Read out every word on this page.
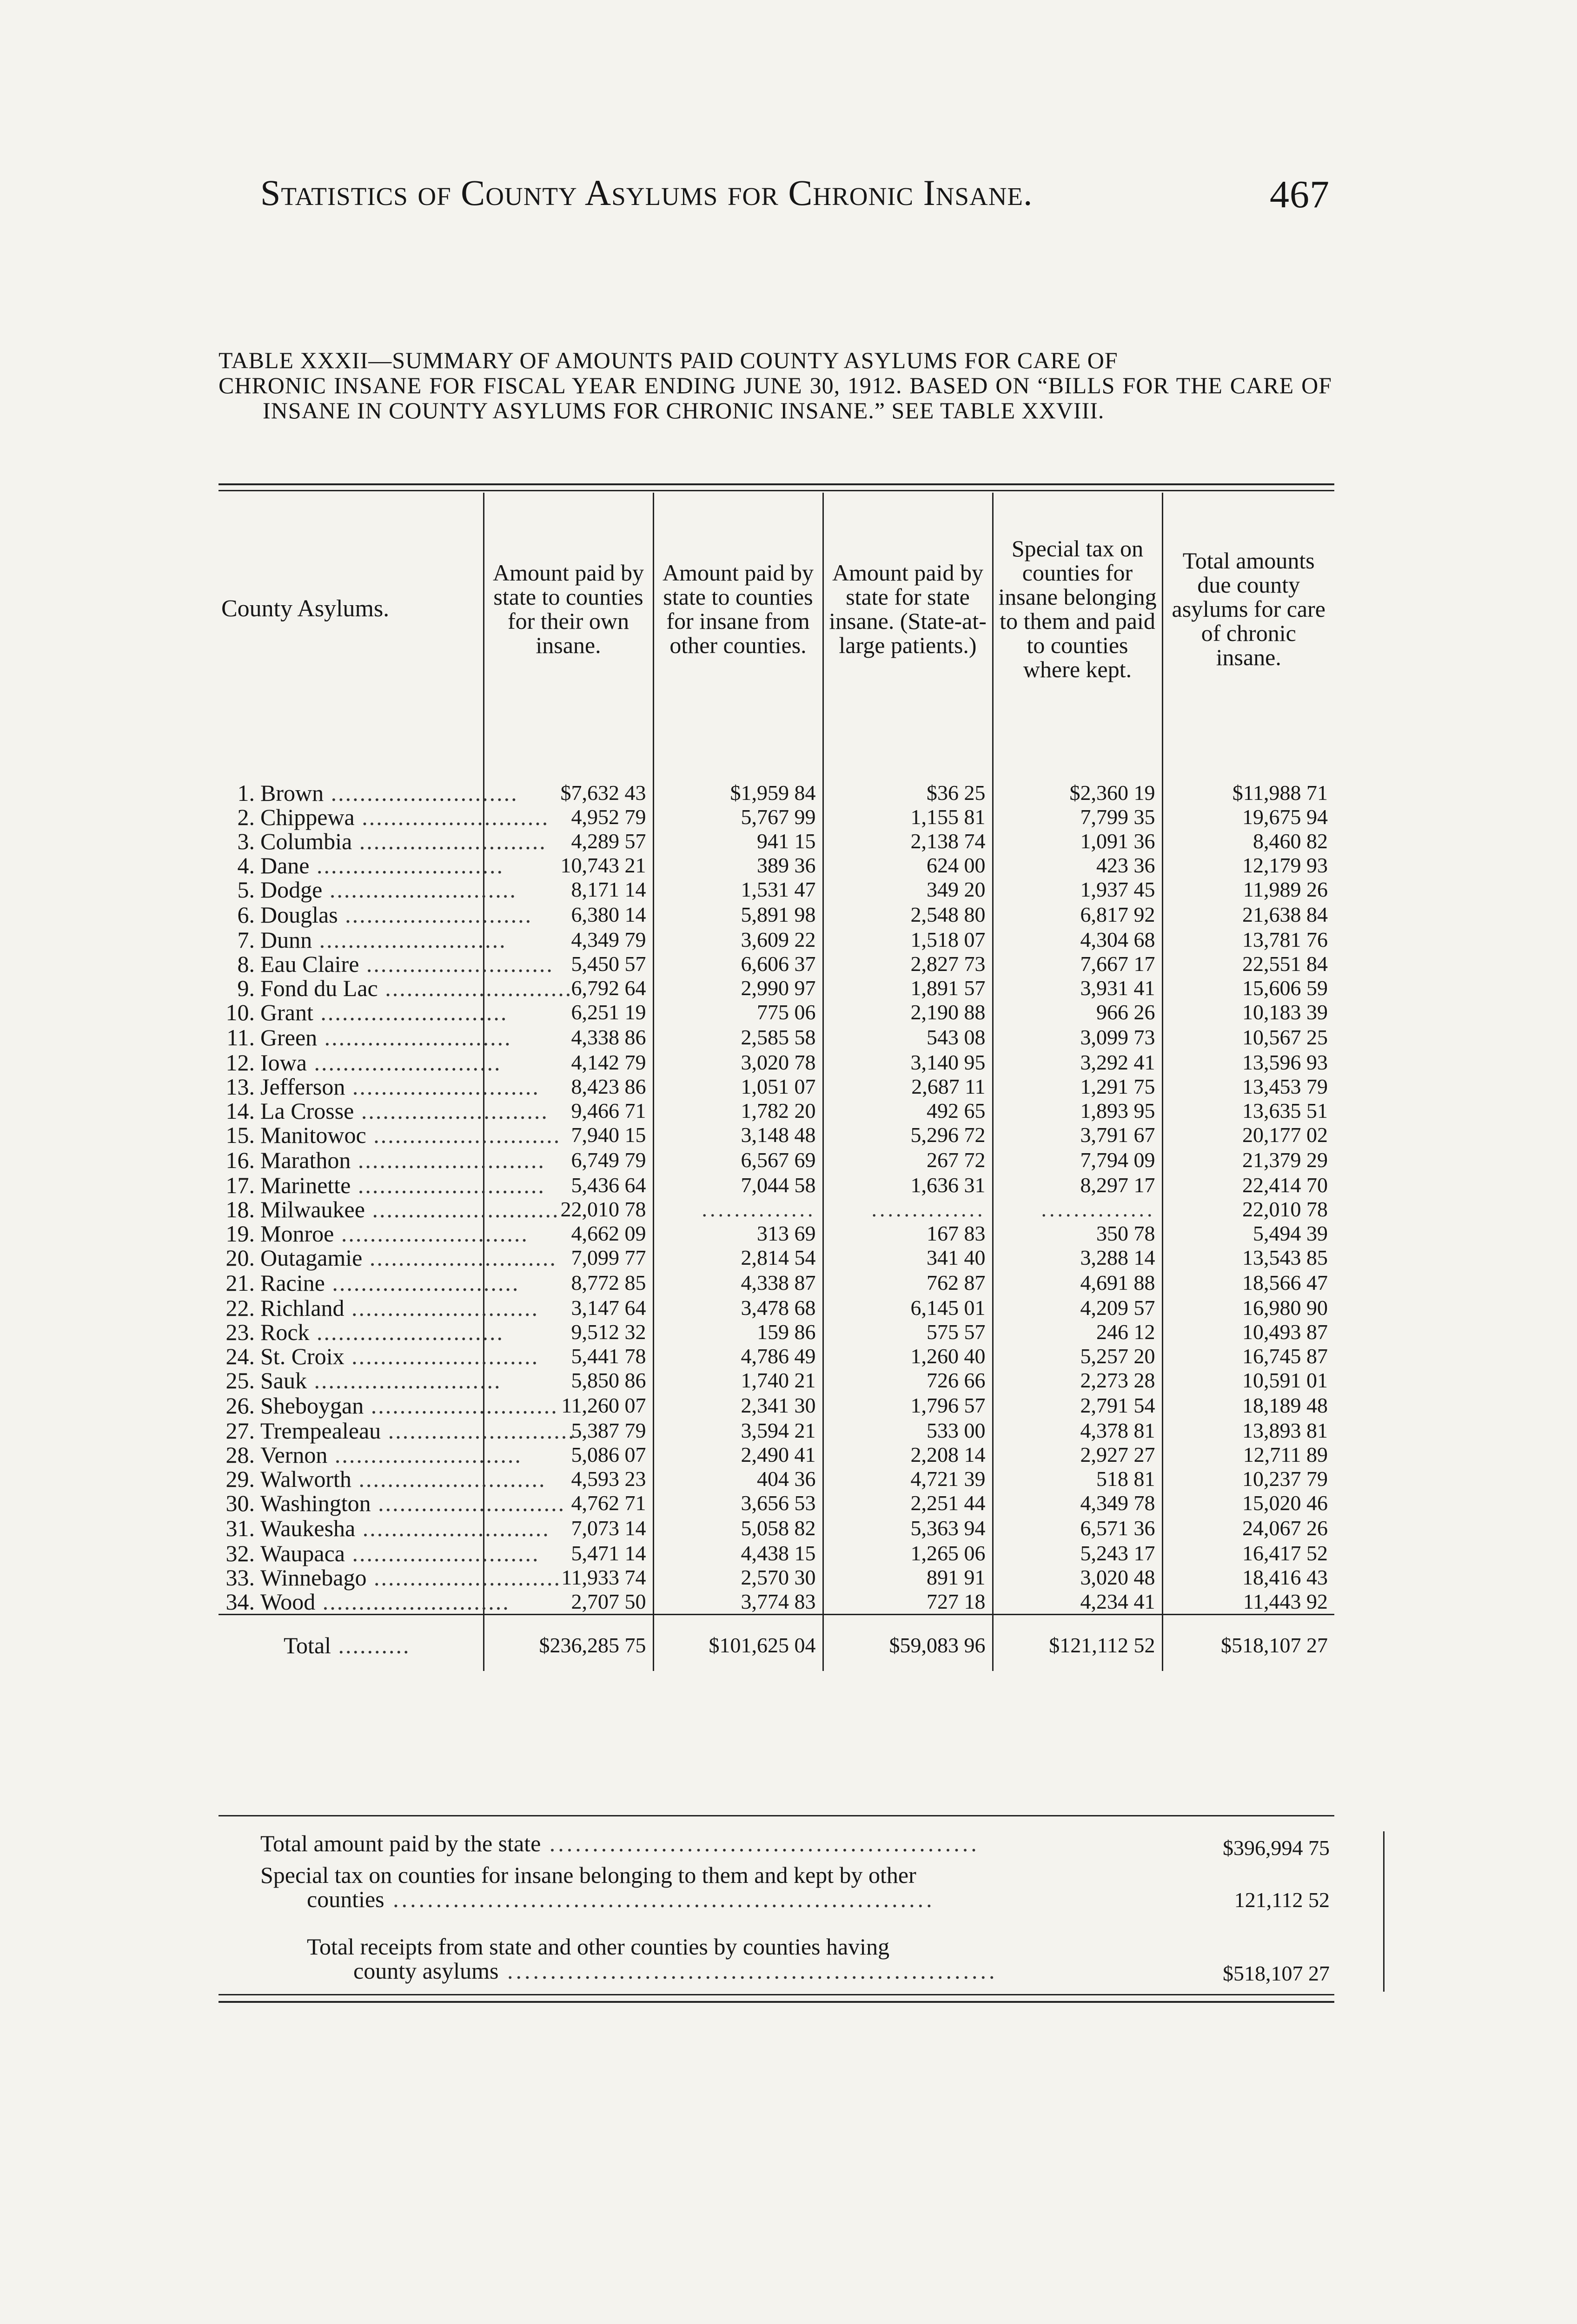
Statistics of County Asylums for Chronic Insane.	467
TABLE XXXII—SUMMARY OF AMOUNTS PAID COUNTY ASYLUMS FOR CARE OF
CHRONIC INSANE FOR FISCAL YEAR ENDING JUNE 30, 1912. BASED ON “BILLS FOR THE CARE OF INSANE IN COUNTY ASYLUMS FOR CHRONIC INSANE.” SEE TABLE XXVIII.
County Asylums.	Amount paid by state to counties for their own insane.	Amount paid by state to counties for insane from other counties.	Amount paid by state for state insane. (State-at-large patients.)	Special tax on counties for insane belonging to them and paid to counties where kept.	Total amounts due county asylums for care of chronic insane.
1. Brown ..........................	$7,632 43	$1,959 84	$36 25	$2,360 19	$11,988 71
2. Chippewa ..........................	4,952 79	5,767 99	1,155 81	7,799 35	19,675 94
3. Columbia ..........................	4,289 57	941 15	2,138 74	1,091 36	8,460 82
4. Dane ..........................	10,743 21	389 36	624 00	423 36	12,179 93
5. Dodge ..........................	8,171 14	1,531 47	349 20	1,937 45	11,989 26
6. Douglas ..........................	6,380 14	5,891 98	2,548 80	6,817 92	21,638 84
7. Dunn ..........................	4,349 79	3,609 22	1,518 07	4,304 68	13,781 76
8. Eau Claire ..........................	5,450 57	6,606 37	2,827 73	7,667 17	22,551 84
9. Fond du Lac ..........................	6,792 64	2,990 97	1,891 57	3,931 41	15,606 59
10. Grant ..........................	6,251 19	775 06	2,190 88	966 26	10,183 39
11. Green ..........................	4,338 86	2,585 58	543 08	3,099 73	10,567 25
12. Iowa ..........................	4,142 79	3,020 78	3,140 95	3,292 41	13,596 93
13. Jefferson ..........................	8,423 86	1,051 07	2,687 11	1,291 75	13,453 79
14. La Crosse ..........................	9,466 71	1,782 20	492 65	1,893 95	13,635 51
15. Manitowoc ..........................	7,940 15	3,148 48	5,296 72	3,791 67	20,177 02
16. Marathon ..........................	6,749 79	6,567 69	267 72	7,794 09	21,379 29
17. Marinette ..........................	5,436 64	7,044 58	1,636 31	8,297 17	22,414 70
18. Milwaukee ..........................	22,010 78	..............	..............	..............	22,010 78
19. Monroe ..........................	4,662 09	313 69	167 83	350 78	5,494 39
20. Outagamie ..........................	7,099 77	2,814 54	341 40	3,288 14	13,543 85
21. Racine ..........................	8,772 85	4,338 87	762 87	4,691 88	18,566 47
22. Richland ..........................	3,147 64	3,478 68	6,145 01	4,209 57	16,980 90
23. Rock ..........................	9,512 32	159 86	575 57	246 12	10,493 87
24. St. Croix ..........................	5,441 78	4,786 49	1,260 40	5,257 20	16,745 87
25. Sauk ..........................	5,850 86	1,740 21	726 66	2,273 28	10,591 01
26. Sheboygan ..........................	11,260 07	2,341 30	1,796 57	2,791 54	18,189 48
27. Trempealeau ..........................	5,387 79	3,594 21	533 00	4,378 81	13,893 81
28. Vernon ..........................	5,086 07	2,490 41	2,208 14	2,927 27	12,711 89
29. Walworth ..........................	4,593 23	404 36	4,721 39	518 81	10,237 79
30. Washington ..........................	4,762 71	3,656 53	2,251 44	4,349 78	15,020 46
31. Waukesha ..........................	7,073 14	5,058 82	5,363 94	6,571 36	24,067 26
32. Waupaca ..........................	5,471 14	4,438 15	1,265 06	5,243 17	16,417 52
33. Winnebago ..........................	11,933 74	2,570 30	891 91	3,020 48	18,416 43
34. Wood ..........................	2,707 50	3,774 83	727 18	4,234 41	11,443 92
Total ..........	$236,285 75	$101,625 04	$59,083 96	$121,112 52	$518,107 27
Total amount paid by the state ..................................................	$396,994 75
Special tax on counties for insane belonging to them and kept by other
counties ...............................................................	121,112 52
Total receipts from state and other counties by counties having
county asylums .........................................................	$518,107 27
